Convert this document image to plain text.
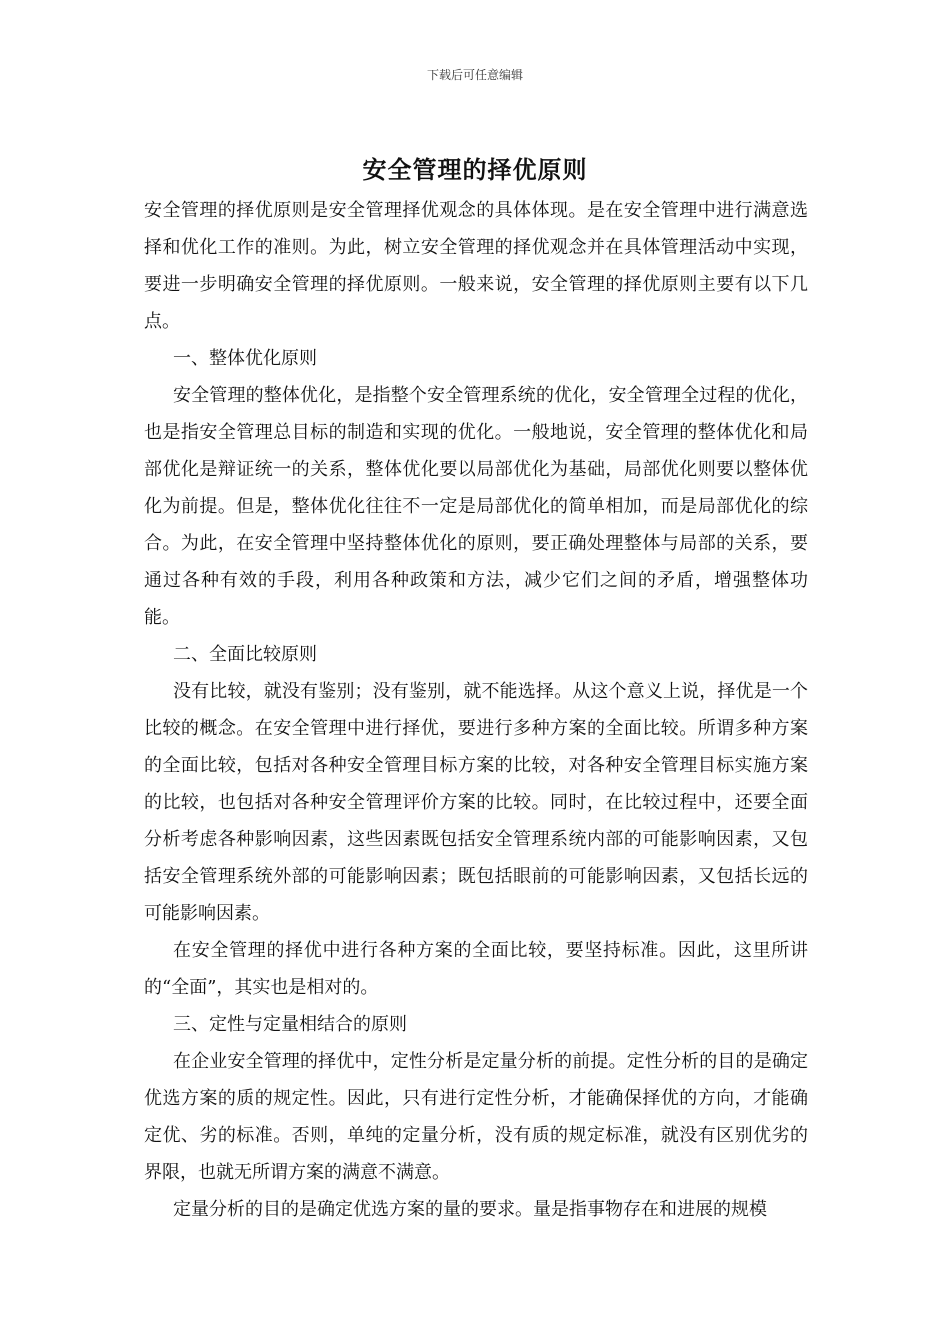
下载后可任意编辑
安全管理的择优原则

安全管理的择优原则是安全管理择优观念的具体体现。是在安全管理中进行满意选择和优化工作的准则。为此，树立安全管理的择优观念并在具体管理活动中实现，要进一步明确安全管理的择优原则。一般来说，安全管理的择优原则主要有以下几点。

一、整体优化原则

安全管理的整体优化，是指整个安全管理系统的优化，安全管理全过程的优化，也是指安全管理总目标的制造和实现的优化。一般地说，安全管理的整体优化和局部优化是辩证统一的关系，整体优化要以局部优化为基础，局部优化则要以整体优化为前提。但是，整体优化往往不一定是局部优化的简单相加，而是局部优化的综合。为此，在安全管理中坚持整体优化的原则，要正确处理整体与局部的关系，要通过各种有效的手段，利用各种政策和方法，减少它们之间的矛盾，增强整体功能。

二、全面比较原则

没有比较，就没有鉴别；没有鉴别，就不能选择。从这个意义上说，择优是一个比较的概念。在安全管理中进行择优，要进行多种方案的全面比较。所谓多种方案的全面比较，包括对各种安全管理目标方案的比较，对各种安全管理目标实施方案的比较，也包括对各种安全管理评价方案的比较。同时，在比较过程中，还要全面分析考虑各种影响因素，这些因素既包括安全管理系统内部的可能影响因素，又包括安全管理系统外部的可能影响因素；既包括眼前的可能影响因素，又包括长远的可能影响因素。

在安全管理的择优中进行各种方案的全面比较，要坚持标准。因此，这里所讲的“全面”，其实也是相对的。

三、定性与定量相结合的原则

在企业安全管理的择优中，定性分析是定量分析的前提。定性分析的目的是确定优选方案的质的规定性。因此，只有进行定性分析，才能确保择优的方向，才能确定优、劣的标准。否则，单纯的定量分析，没有质的规定标准，就没有区别优劣的界限，也就无所谓方案的满意不满意。

定量分析的目的是确定优选方案的量的要求。量是指事物存在和进展的规模
